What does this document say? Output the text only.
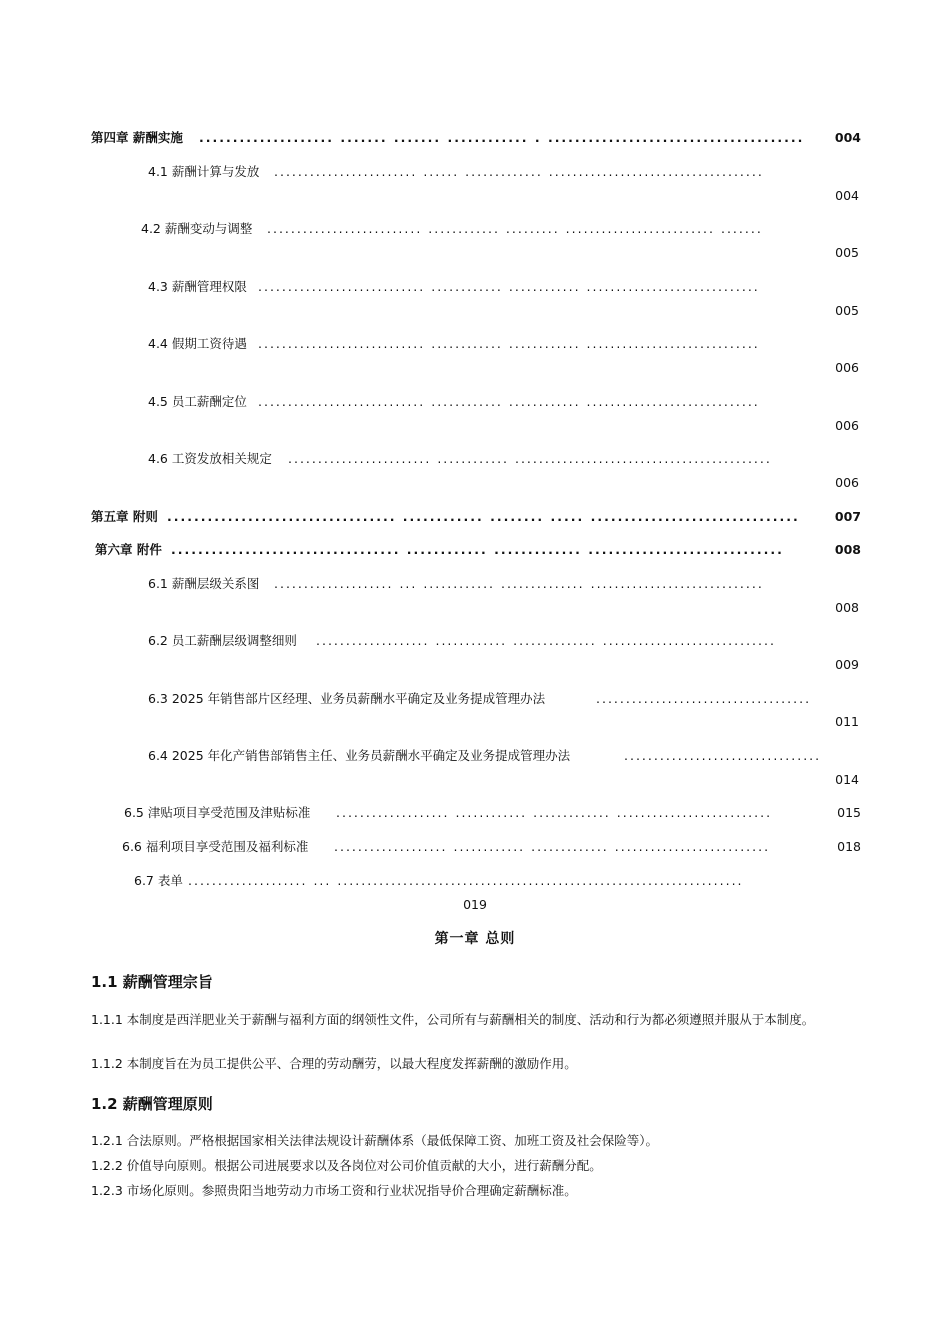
第四章 薪酬实施 .................... ....... ....... ............ . ......................................	004
4.1 薪酬计算与发放 ........................ ...... ............. ....................................
004
4.2 薪酬变动与调整 .......................... ............ ......... ......................... .......
005
4.3 薪酬管理权限 ............................ ............ ............ .............................
005
4.4 假期工资待遇 ............................ ............ ............ .............................
006
4.5 员工薪酬定位 ............................ ............ ............ .............................
006
4.6 工资发放相关规定 ........................ ............ ...........................................
006
第五章 附则 .................................. ............ ........ ..... ...............................	007
第六章 附件 .................................. ............ ............. .............................	008
6.1 薪酬层级关系图 .................... ... ............ .............. .............................
008
6.2 员工薪酬层级调整细则 ................... ............ .............. .............................
009
6.3 2025 年销售部片区经理、业务员薪酬水平确定及业务提成管理办法	....................................
011
6.4 2025 年化产销售部销售主任、业务员薪酬水平确定及业务提成管理办法	.................................
014
6.5 津贴项目享受范围及津贴标准 ................... ............ ............. ..........................	015
6.6 福利项目享受范围及福利标准 ................... ............ ............. ..........................	018
6.7 表单 .................... ... ....................................................................
019
第一章 总则
1.1 薪酬管理宗旨
1.1.1 本制度是西洋肥业关于薪酬与福利方面的纲领性文件，公司所有与薪酬相关的制度、活动和行为都必须遵照并服从于本制度。
1.1.2 本制度旨在为员工提供公平、合理的劳动酬劳，以最大程度发挥薪酬的激励作用。
1.2 薪酬管理原则
1.2.1 合法原则。严格根据国家相关法律法规设计薪酬体系（最低保障工资、加班工资及社会保险等）。
1.2.2 价值导向原则。根据公司进展要求以及各岗位对公司价值贡献的大小，进行薪酬分配。
1.2.3 市场化原则。参照贵阳当地劳动力市场工资和行业状况指导价合理确定薪酬标准。
